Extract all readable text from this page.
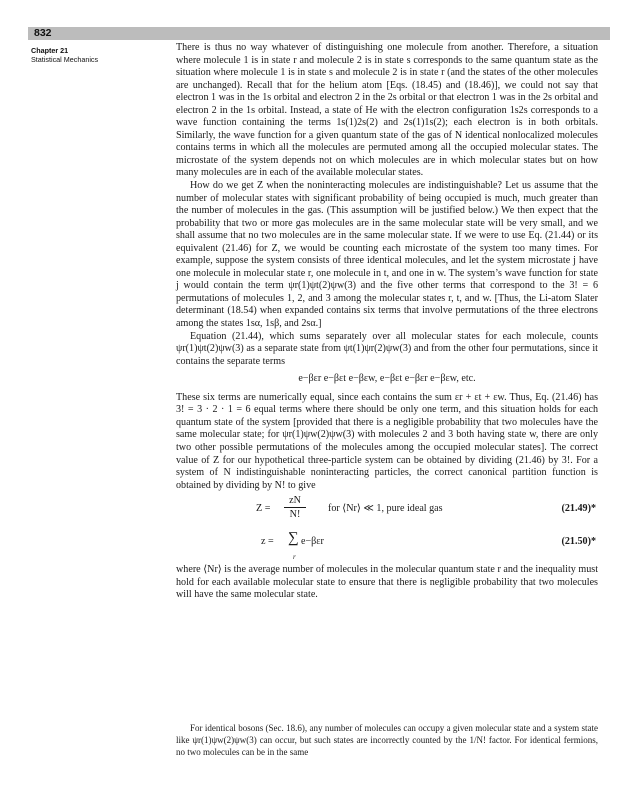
832
Chapter 21
Statistical Mechanics

There is thus no way whatever of distinguishing one molecule from another. Therefore, a situation where molecule 1 is in state r and molecule 2 is in state s corresponds to the same quantum state as the situation where molecule 1 is in state s and molecule 2 is in state r (and the states of the other molecules are unchanged). Recall that for the helium atom [Eqs. (18.45) and (18.46)], we could not say that electron 1 was in the 1s orbital and electron 2 in the 2s orbital or that electron 1 was in the 2s orbital and electron 2 in the 1s orbital. Instead, a state of He with the electron configuration 1s2s corresponds to a wave function containing the terms 1s(1)2s(2) and 2s(1)1s(2); each electron is in both orbitals. Similarly, the wave function for a given quantum state of the gas of N identical nonlocalized molecules contains terms in which all the molecules are permuted among all the occupied molecular states. The microstate of the system depends not on which molecules are in which molecular states but on how many molecules are in each of the available molecular states.

How do we get Z when the noninteracting molecules are indistinguishable? Let us assume that the number of molecular states with significant probability of being occupied is much, much greater than the number of molecules in the gas. (This assumption will be justified below.) We then expect that the probability that two or more gas molecules are in the same molecular state will be very small, and we shall assume that no two molecules are in the same molecular state. If we were to use Eq. (21.44) or its equivalent (21.46) for Z, we would be counting each microstate of the system too many times. For example, suppose the system consists of three identical molecules, and let the system microstate j have one molecule in molecular state r, one molecule in t, and one in w. The system’s wave function for state j would contain the term ψr(1)ψt(2)ψw(3) and the five other terms that correspond to the 3! = 6 permutations of molecules 1, 2, and 3 among the molecular states r, t, and w. [Thus, the Li-atom Slater determinant (18.54) when expanded contains six terms that involve permutations of the three electrons among the states 1sα, 1sβ, and 2sα.]

Equation (21.44), which sums separately over all molecular states for each molecule, counts ψr(1)ψt(2)ψw(3) as a separate state from ψt(1)ψr(2)ψw(3) and from the other four permutations, since it contains the separate terms

e−βεr e−βεt e−βεw, e−βεt e−βεr e−βεw, etc.

These six terms are numerically equal, since each contains the sum εr + εt + εw. Thus, Eq. (21.46) has 3! = 3 · 2 · 1 = 6 equal terms where there should be only one term, and this situation holds for each quantum state of the system [provided that there is a negligible probability that two molecules have the same molecular state; for ψr(1)ψw(2)ψw(3) with molecules 2 and 3 both having state w, there are only two other possible permutations of the molecules among the occupied molecular states]. The correct value of Z for our hypothetical three-particle system can be obtained by dividing (21.46) by 3!. For a system of N indistinguishable noninteracting particles, the correct canonical partition function is obtained by dividing by N! to give

$Z = \frac{zN}{N!}$ for ⟨Nr⟩ ≪ 1, pure ideal gas	(21.49)*
z = ∑
r
e−βεr	(21.50)*

where ⟨Nr⟩ is the average number of molecules in the molecular quantum state r and the inequality must hold for each available molecular state to ensure that there is negligible probability that two molecules will have the same molecular state.

For identical bosons (Sec. 18.6), any number of molecules can occupy a given molecular state and a system state like ψr(1)ψw(2)ψw(3) can occur, but such states are incorrectly counted by the 1/N! factor. For identical fermions, no two molecules can be in the same
